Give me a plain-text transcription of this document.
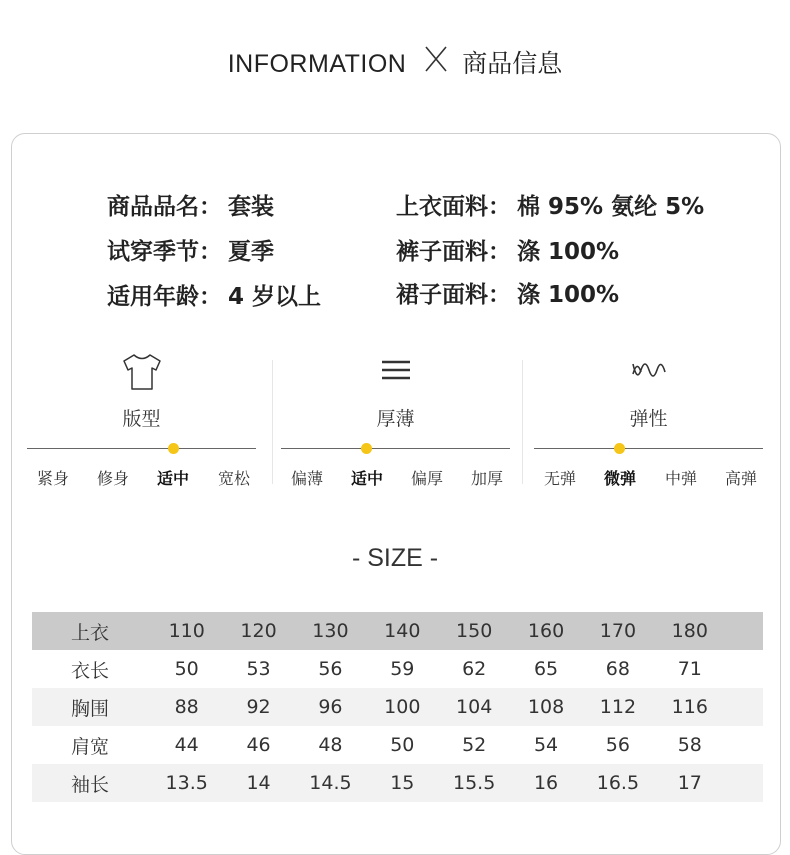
INFORMATION 商品信息
商品品名： 套装
试穿季节： 夏季
适用年龄： 4 岁以上
上衣面料： 棉 95% 氨纶 5%
裤子面料： 涤 100%
裙子面料： 涤 100%
版型
紧身 修身 适中 宽松
厚薄
偏薄 适中 偏厚 加厚
弹性
无弹 微弹 中弹 高弹
- SIZE -
上衣	110	120	130	140	150	160	170	180	
衣长	50	53	56	59	62	65	68	71	
胸围	88	92	96	100	104	108	112	116	
肩宽	44	46	48	50	52	54	56	58	
袖长	13.5	14	14.5	15	15.5	16	16.5	17	
